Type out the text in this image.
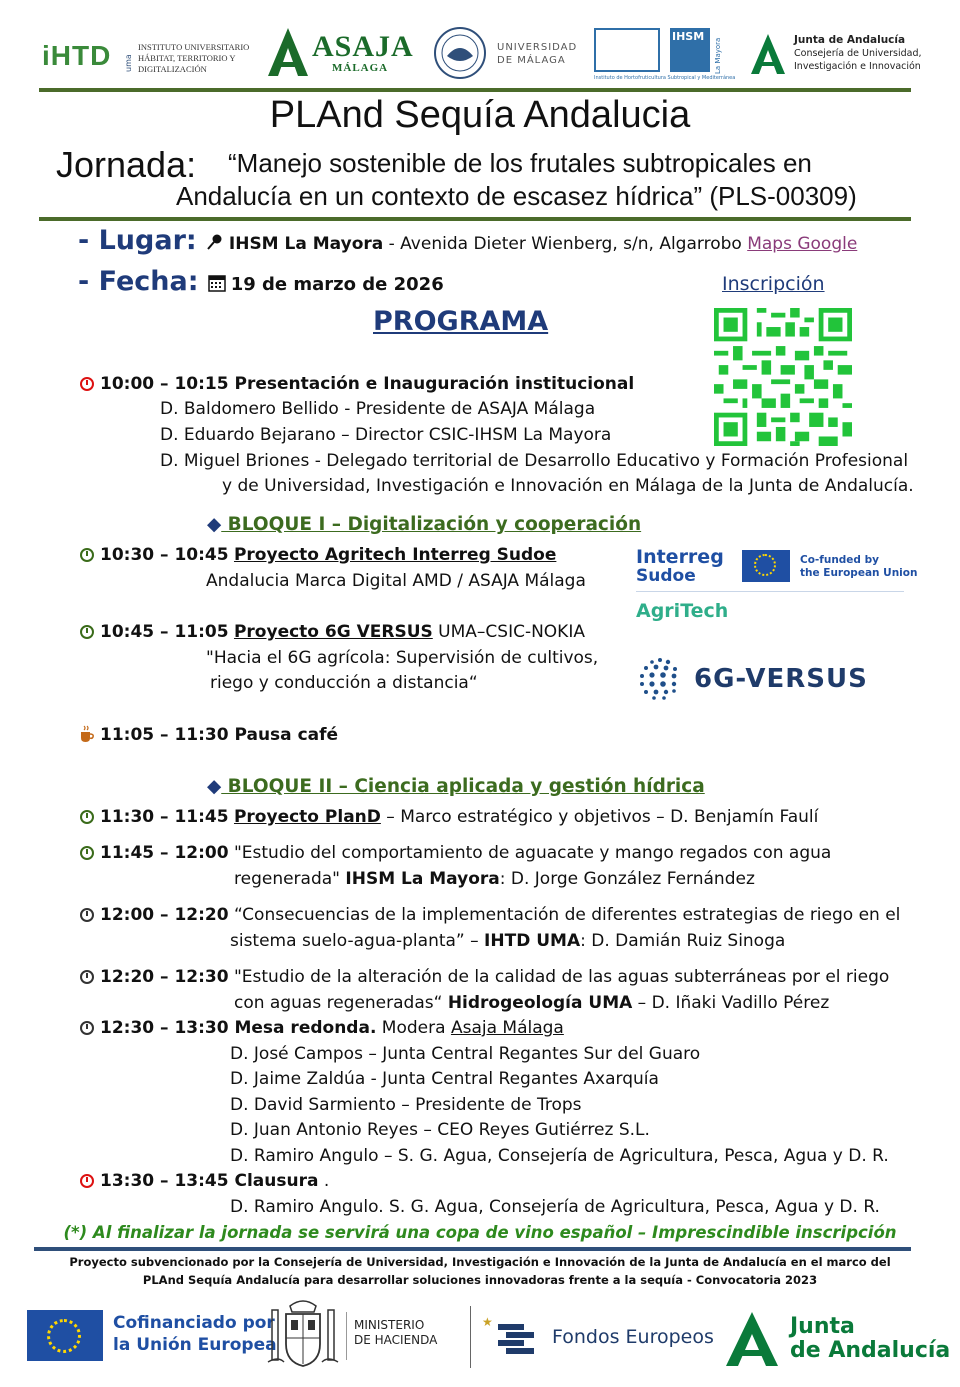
iHTD uma
INSTITUTO UNIVERSITARIO
HÁBITAT, TERRITORIO Y
DIGITALIZACIÓN
ASAJA
MÁLAGA
UNIVERSIDAD
DE MÁLAGA
IHSM
La Mayora
Instituto de Hortofruticultura Subtropical y Mediterránea
Junta de Andalucía
Consejería de Universidad,
Investigación e Innovación
PLAnd Sequía Andalucia
Jornada: “Manejo sostenible de los frutales subtropicales en
Andalucía en un contexto de escasez hídrica” (PLS-00309)
- Lugar: IHSM La Mayora - Avenida Dieter Wienberg, s/n, Algarrobo Maps Google
- Fecha: 19 de marzo de 2026	Inscripción
PROGRAMA
10:00 – 10:15 Presentación e Inauguración institucional
D. Baldomero Bellido - Presidente de ASAJA Málaga
D. Eduardo Bejarano – Director CSIC-IHSM La Mayora
D. Miguel Briones - Delegado territorial de Desarrollo Educativo y Formación Profesional
y de Universidad, Investigación e Innovación en Málaga de la Junta de Andalucía.
◆ BLOQUE I – Digitalización y cooperación
10:30 – 10:45 Proyecto Agritech Interreg Sudoe
Andalucia Marca Digital AMD / ASAJA Málaga
10:45 – 11:05 Proyecto 6G VERSUS UMA–CSIC-NOKIA
"Hacia el 6G agrícola: Supervisión de cultivos,
riego y conducción a distancia“
Interreg
Sudoe
Co-funded by
the European Union
AgriTech
6G-VERSUS
11:05 – 11:30 Pausa café
◆ BLOQUE II – Ciencia aplicada y gestión hídrica
11:30 – 11:45 Proyecto PlanD – Marco estratégico y objetivos – D. Benjamín Faulí
11:45 – 12:00 "Estudio del comportamiento de aguacate y mango regados con agua
regenerada" IHSM La Mayora: D. Jorge González Fernández
12:00 – 12:20 “Consecuencias de la implementación de diferentes estrategias de riego en el
sistema suelo-agua-planta” – IHTD UMA: D. Damián Ruiz Sinoga
12:20 – 12:30 "Estudio de la alteración de la calidad de las aguas subterráneas por el riego
con aguas regeneradas“ Hidrogeología UMA – D. Iñaki Vadillo Pérez
12:30 – 13:30 Mesa redonda. Modera Asaja Málaga
D. José Campos – Junta Central Regantes Sur del Guaro
D. Jaime Zaldúa - Junta Central Regantes Axarquía
D. David Sarmiento – Presidente de Trops
D. Juan Antonio Reyes – CEO Reyes Gutiérrez S.L.
D. Ramiro Angulo – S. G. Agua, Consejería de Agricultura, Pesca, Agua y D. R.
13:30 – 13:45 Clausura .
D. Ramiro Angulo. S. G. Agua, Consejería de Agricultura, Pesca, Agua y D. R.
(*) Al finalizar la jornada se servirá una copa de vino español – Imprescindible inscripción
Proyecto subvencionado por la Consejería de Universidad, Investigación e Innovación de la Junta de Andalucía en el marco del
PLAnd Sequía Andalucía para desarrollar soluciones innovadoras frente a la sequía - Convocatoria 2023
Cofinanciado por
la Unión Europea
MINISTERIO
DE HACIENDA
★
Fondos Europeos	Junta
de Andalucía
